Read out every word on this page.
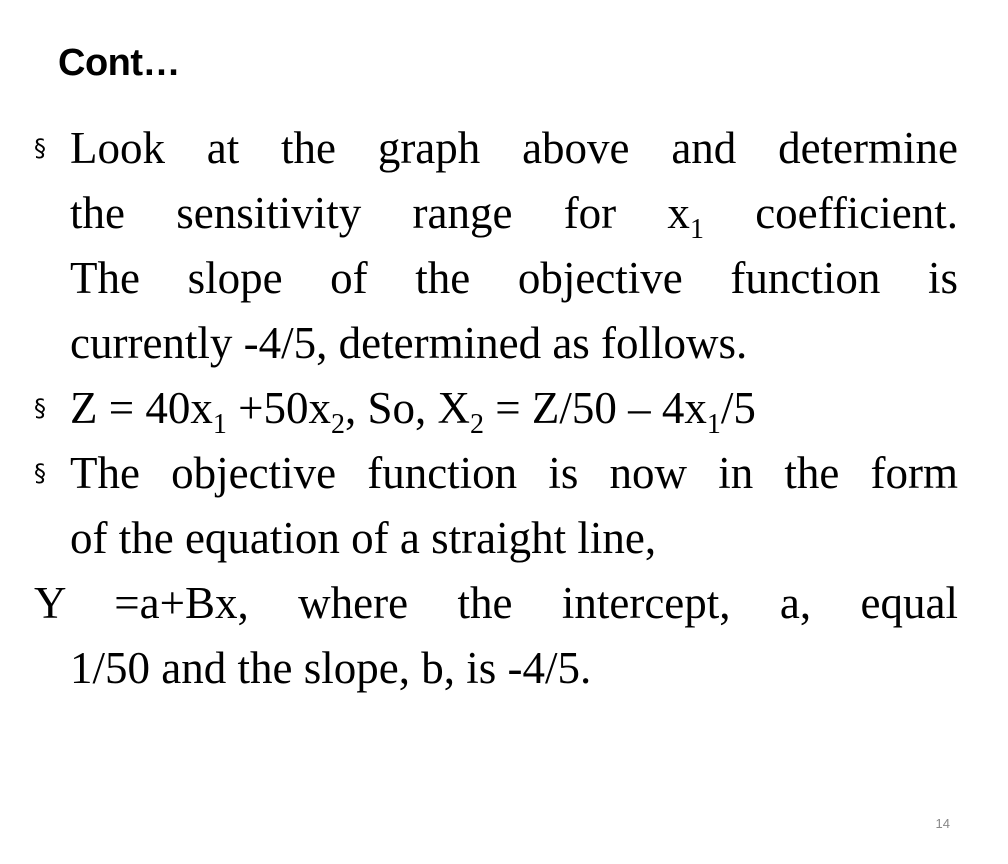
Cont…
§ Look at the graph above and determine
the sensitivity range for $x_1$ coefficient.
The slope of the objective function is
currently -4/5, determined as follows.
§ $Z = 40x_1 +50x_2$, So, $X_2 = Z/50 - 4x_1/5$
§ The objective function is now in the form
of the equation of a straight line,
Y =a+Bx, where the intercept, a, equal
1/50 and the slope, b, is -4/5.
14
